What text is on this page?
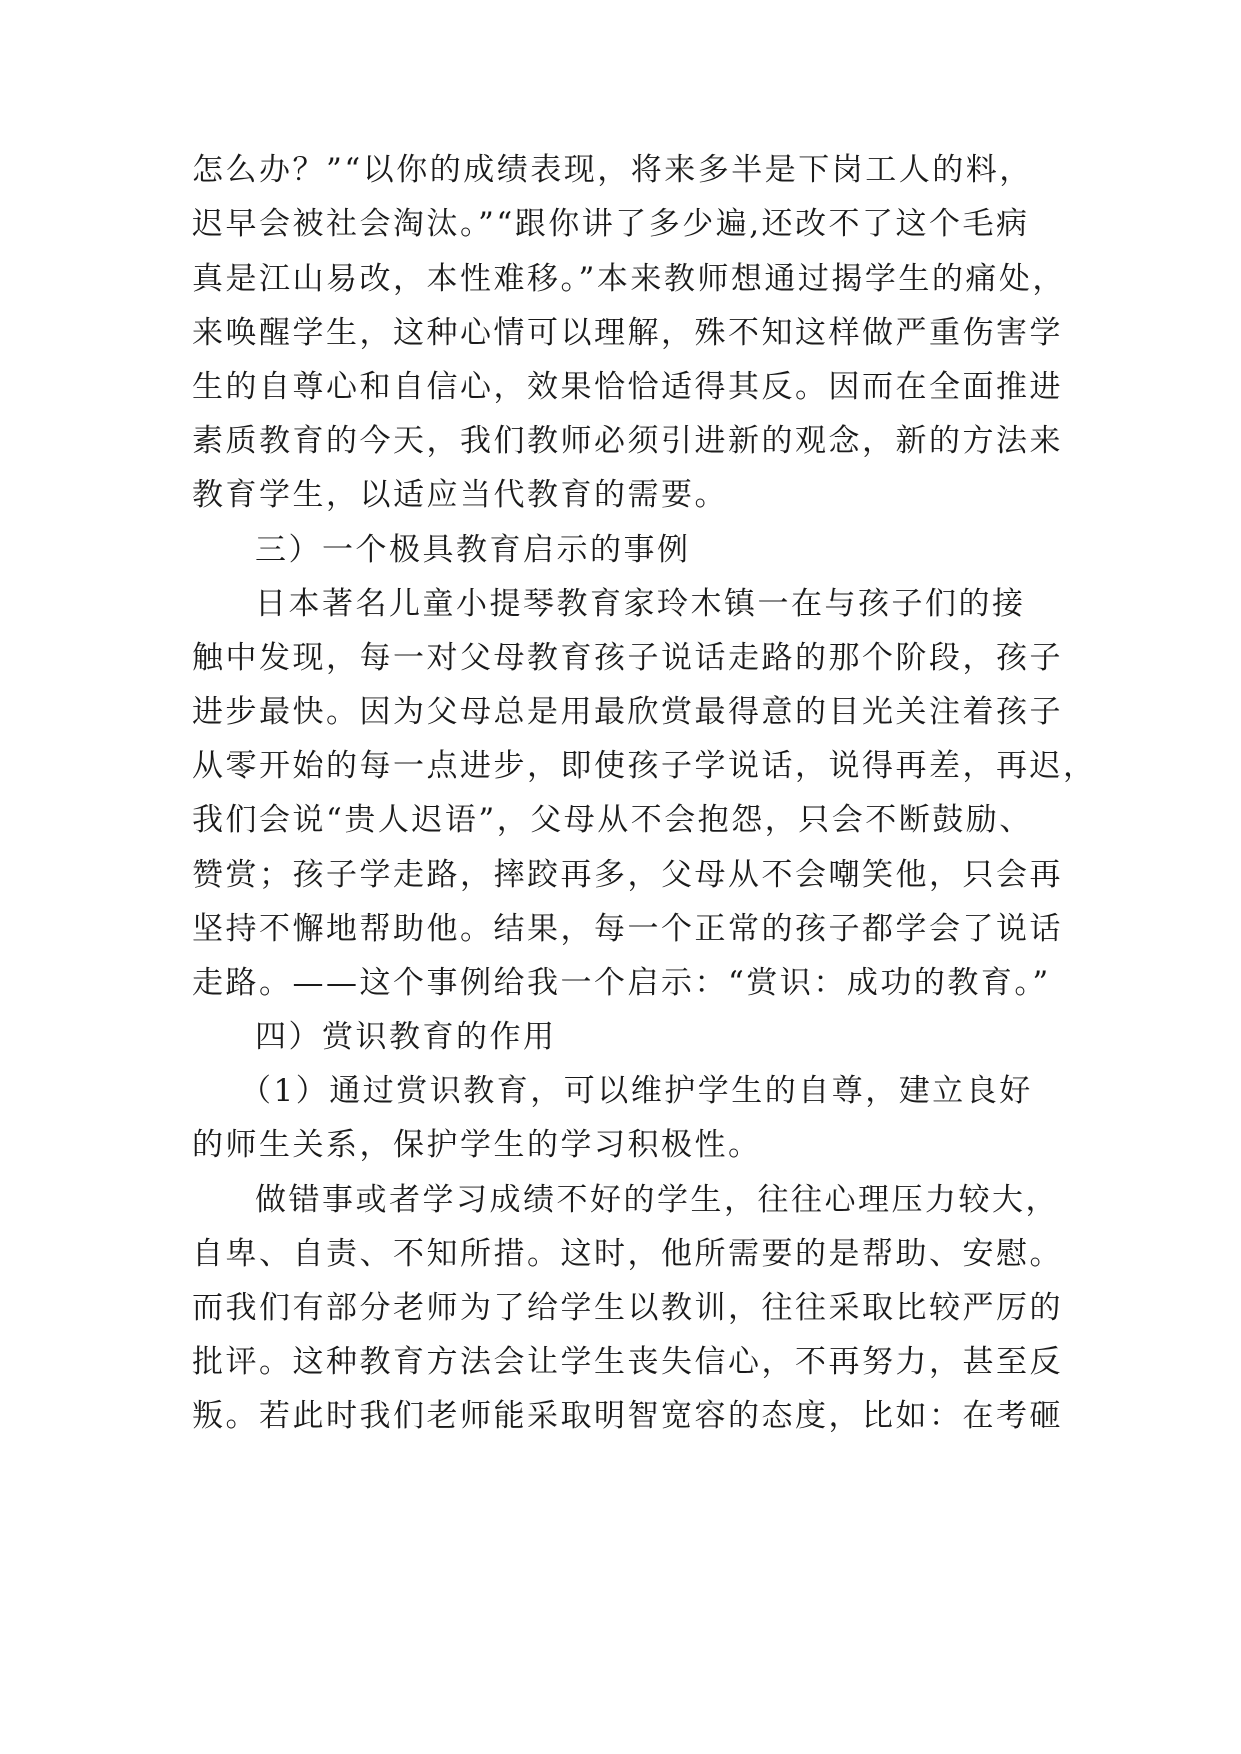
怎么办？”“以你的成绩表现，将来多半是下岗工人的料，
迟早会被社会淘汰。”“跟你讲了多少遍,还改不了这个毛病
真是江山易改，本性难移。”本来教师想通过揭学生的痛处，
来唤醒学生，这种心情可以理解，殊不知这样做严重伤害学
生的自尊心和自信心，效果恰恰适得其反。因而在全面推进
素质教育的今天，我们教师必须引进新的观念，新的方法来
教育学生，以适应当代教育的需要。
三）一个极具教育启示的事例
日本著名儿童小提琴教育家玲木镇一在与孩子们的接
触中发现，每一对父母教育孩子说话走路的那个阶段，孩子
进步最快。因为父母总是用最欣赏最得意的目光关注着孩子
从零开始的每一点进步，即使孩子学说话，说得再差，再迟，
我们会说“贵人迟语”，父母从不会抱怨，只会不断鼓励、
赞赏；孩子学走路，摔跤再多，父母从不会嘲笑他，只会再
坚持不懈地帮助他。结果，每一个正常的孩子都学会了说话
走路。——这个事例给我一个启示：“赏识：成功的教育。”
四）赏识教育的作用
（1）通过赏识教育，可以维护学生的自尊，建立良好
的师生关系，保护学生的学习积极性。
做错事或者学习成绩不好的学生，往往心理压力较大，
自卑、自责、不知所措。这时，他所需要的是帮助、安慰。
而我们有部分老师为了给学生以教训，往往采取比较严厉的
批评。这种教育方法会让学生丧失信心，不再努力，甚至反
叛。若此时我们老师能采取明智宽容的态度，比如：在考砸
